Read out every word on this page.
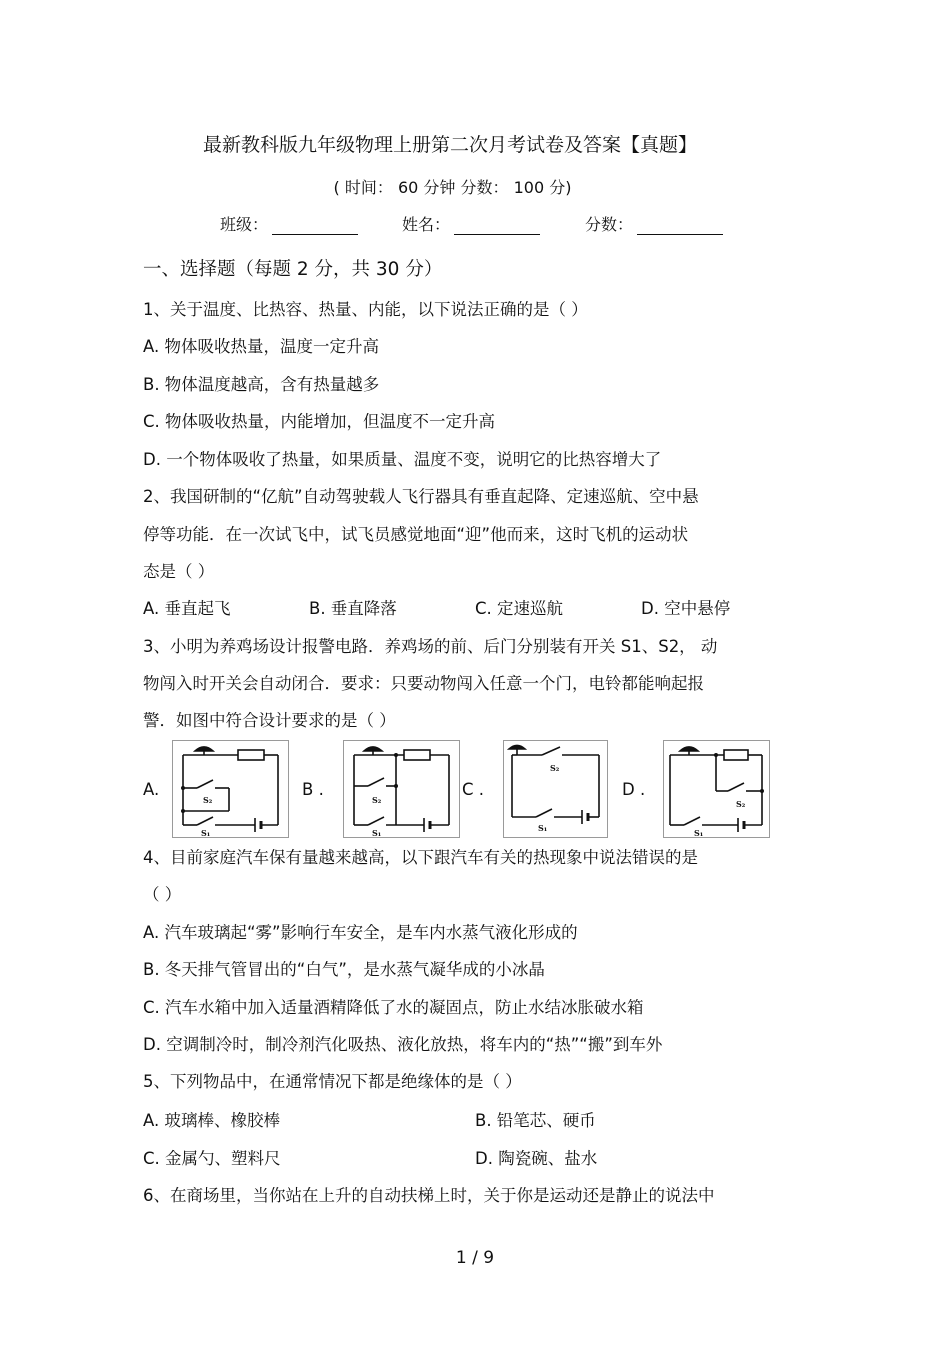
最新教科版九年级物理上册第二次月考试卷及答案【真题】
( 时间： 60 分钟 分数： 100 分)
班级：	姓名：	分数：
一、选择题（每题 2 分，共 30 分）
1、关于温度、比热容、热量、内能，以下说法正确的是（ ）
A. 物体吸收热量，温度一定升高
B. 物体温度越高，含有热量越多
C. 物体吸收热量，内能增加，但温度不一定升高
D. 一个物体吸收了热量，如果质量、温度不变，说明它的比热容增大了
2、我国研制的“亿航”自动驾驶载人飞行器具有垂直起降、定速巡航、空中悬
停等功能．在一次试飞中，试飞员感觉地面“迎”他而来，这时飞机的运动状
态是（ ）
A. 垂直起飞	B. 垂直降落	C. 定速巡航	D. 空中悬停
3、小明为养鸡场设计报警电路．养鸡场的前、后门分别装有开关 S1、S2， 动
物闯入时开关会自动闭合．要求：只要动物闯入任意一个门，电铃都能响起报
警．如图中符合设计要求的是（ ）
A.
S₂
S₁
B .
S₂
S₁
C .
S₂
S₁
D .
S₂
S₁
4、目前家庭汽车保有量越来越高，以下跟汽车有关的热现象中说法错误的是
（ ）
A. 汽车玻璃起“雾”影响行车安全，是车内水蒸气液化形成的
B. 冬天排气管冒出的“白气”，是水蒸气凝华成的小冰晶
C. 汽车水箱中加入适量酒精降低了水的凝固点，防止水结冰胀破水箱
D. 空调制冷时，制冷剂汽化吸热、液化放热，将车内的“热”“搬”到车外
5、下列物品中，在通常情况下都是绝缘体的是（ ）
A. 玻璃棒、橡胶棒	B. 铅笔芯、硬币
C. 金属勺、塑料尺	D. 陶瓷碗、盐水
6、在商场里，当你站在上升的自动扶梯上时，关于你是运动还是静止的说法中
1 / 9
